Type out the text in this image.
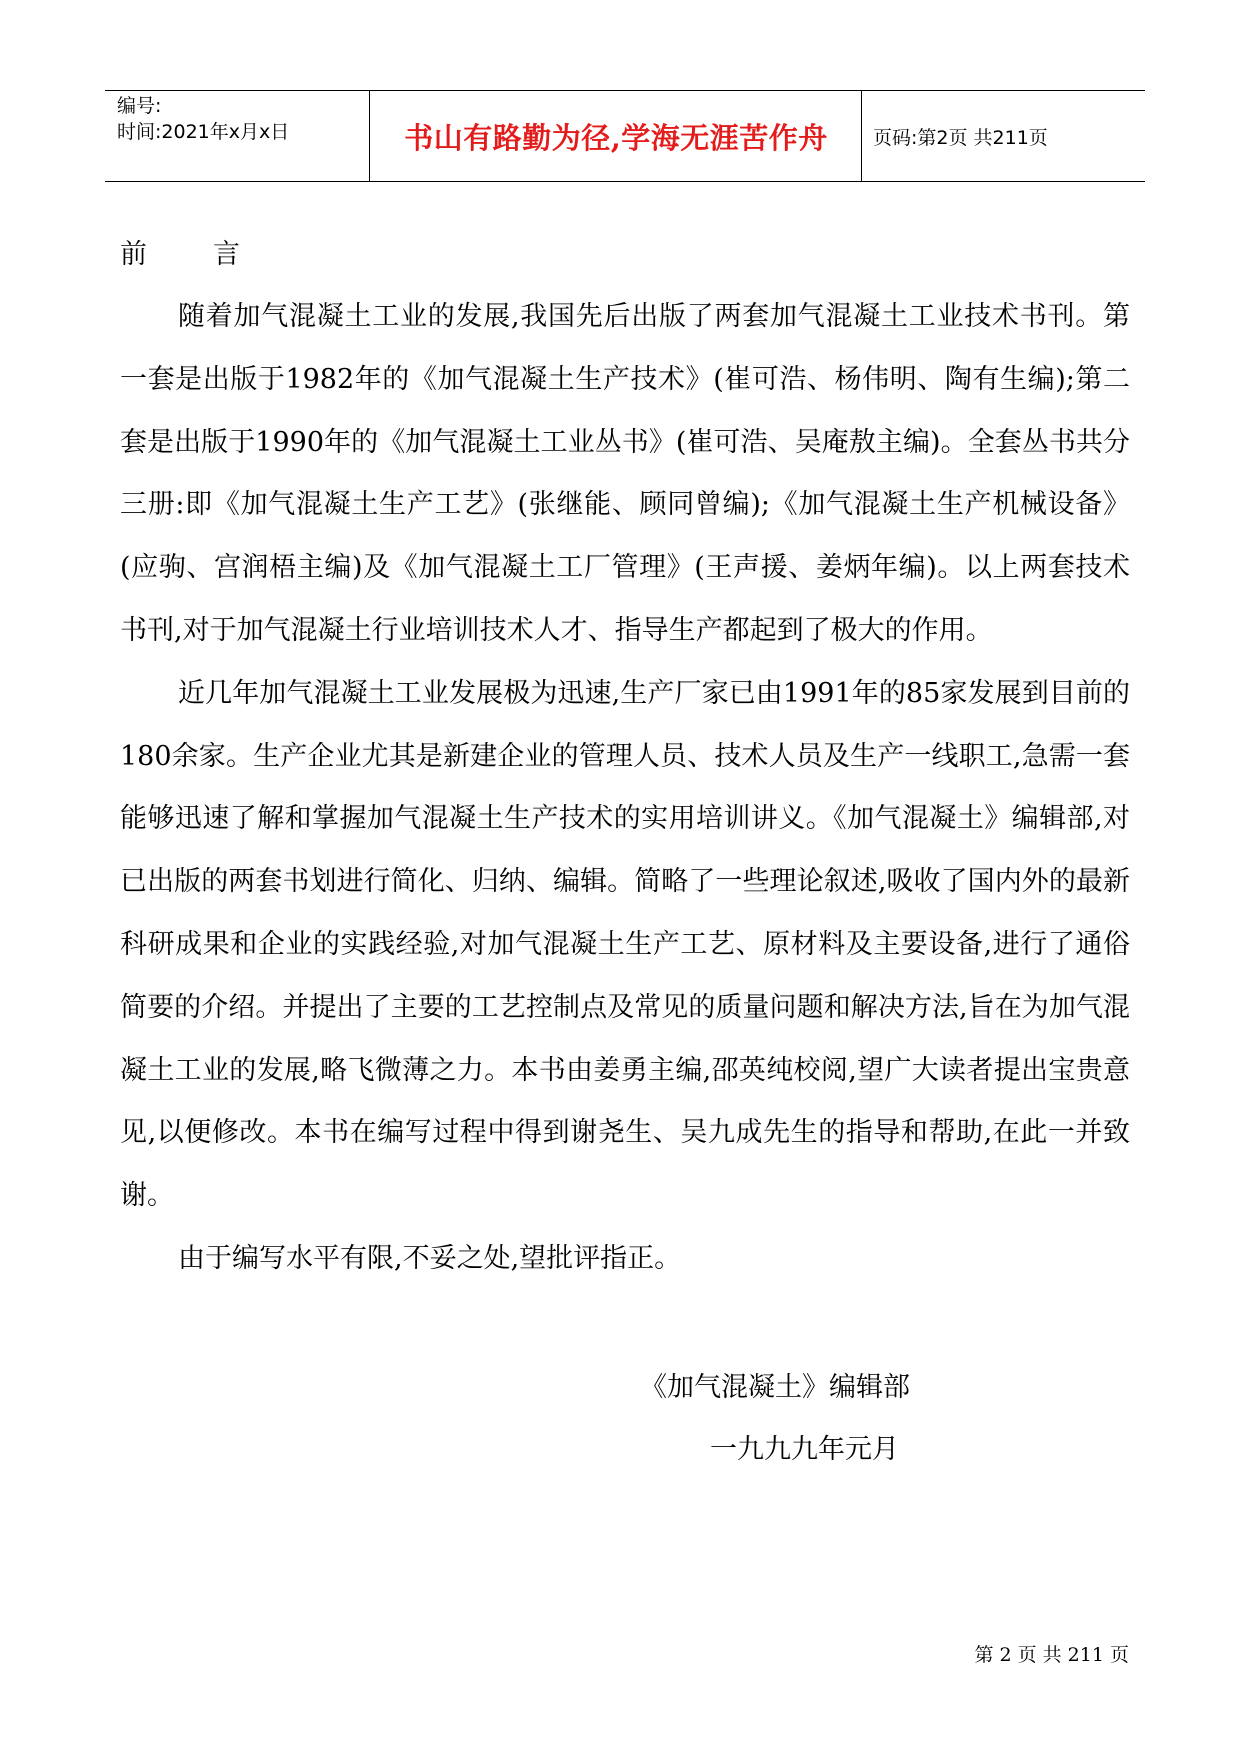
编号:
时间:2021年x月x日	书山有路勤为径,学海无涯苦作舟	页码:第2页 共211页
前言

随着加气混凝土工业的发展,我国先后出版了两套加气混凝土工业技术书刊。第一套是出版于1982年的《加气混凝土生产技术》(崔可浩、杨伟明、陶有生编);第二套是出版于1990年的《加气混凝土工业丛书》(崔可浩、吴庵敖主编)。全套丛书共分三册:即《加气混凝土生产工艺》(张继能、顾同曾编);《加气混凝土生产机械设备》(应驹、宫润梧主编)及《加气混凝土工厂管理》(王声援、姜炳年编)。以上两套技术书刊,对于加气混凝土行业培训技术人才、指导生产都起到了极大的作用。

近几年加气混凝土工业发展极为迅速,生产厂家已由1991年的85家发展到目前的180余家。生产企业尤其是新建企业的管理人员、技术人员及生产一线职工,急需一套能够迅速了解和掌握加气混凝土生产技术的实用培训讲义。《加气混凝土》编辑部,对已出版的两套书划进行简化、归纳、编辑。简略了一些理论叙述,吸收了国内外的最新科研成果和企业的实践经验,对加气混凝土生产工艺、原材料及主要设备,进行了通俗简要的介绍。并提出了主要的工艺控制点及常见的质量问题和解决方法,旨在为加气混凝土工业的发展,略飞微薄之力。本书由姜勇主编,邵英纯校阅,望广大读者提出宝贵意见,以便修改。本书在编写过程中得到谢尧生、吴九成先生的指导和帮助,在此一并致谢。

由于编写水平有限,不妥之处,望批评指正。

《加气混凝土》编辑部
一九九九年元月
第 2 页 共 211 页
